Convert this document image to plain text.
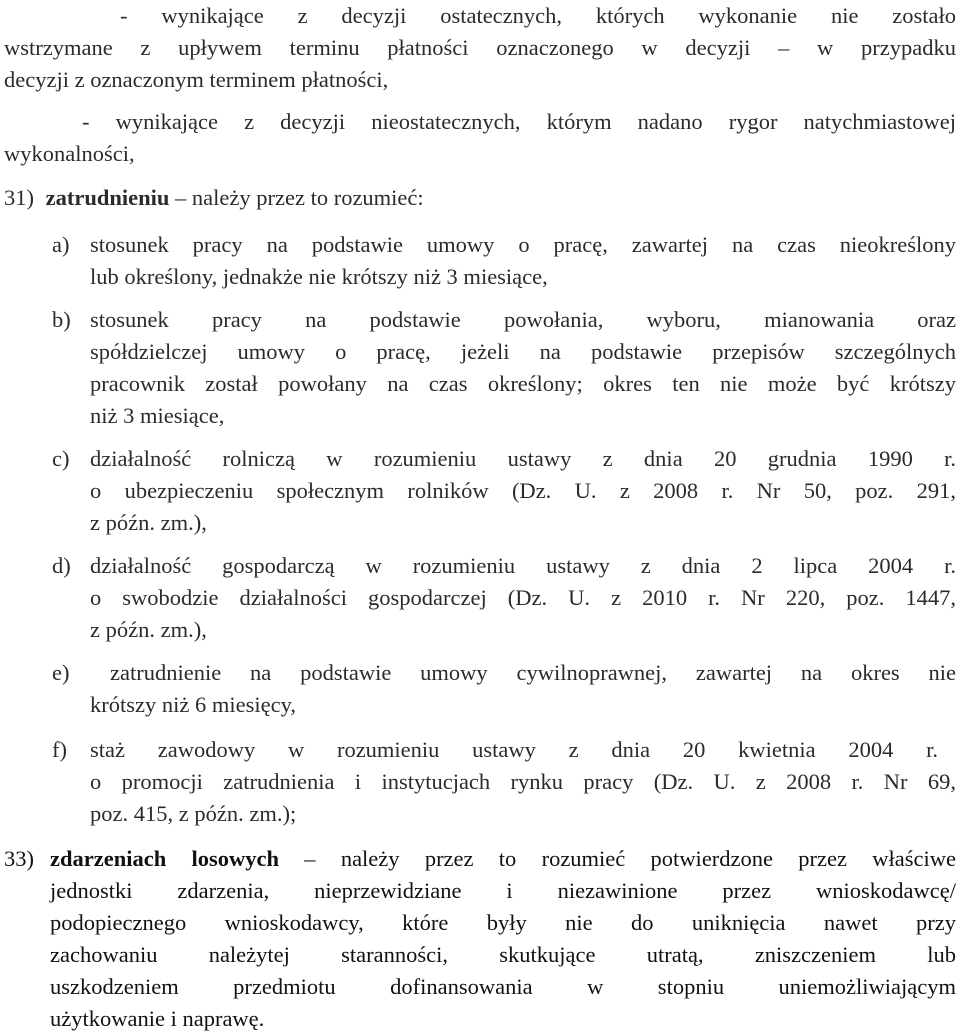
- wynikające z decyzji ostatecznych, których wykonanie nie zostało
wstrzymane z upływem terminu płatności oznaczonego w decyzji – w przypadku
decyzji z oznaczonym terminem płatności,
- wynikające z decyzji nieostatecznych, którym nadano rygor natychmiastowej
wykonalności,
31) zatrudnieniu – należy przez to rozumieć:
a) stosunek pracy na podstawie umowy o pracę, zawartej na czas nieokreślony
lub określony, jednakże nie krótszy niż 3 miesiące,
b) stosunek pracy na podstawie powołania, wyboru, mianowania oraz
spółdzielczej umowy o pracę, jeżeli na podstawie przepisów szczególnych
pracownik został powołany na czas określony; okres ten nie może być krótszy
niż 3 miesiące,
c) działalność rolniczą w rozumieniu ustawy z dnia 20 grudnia 1990 r.
o ubezpieczeniu społecznym rolników (Dz. U. z 2008 r. Nr 50, poz. 291,
z późn. zm.),
d) działalność gospodarczą w rozumieniu ustawy z dnia 2 lipca 2004 r.
o swobodzie działalności gospodarczej (Dz. U. z 2010 r. Nr 220, poz. 1447,
z późn. zm.),
e)	zatrudnienie na podstawie umowy cywilnoprawnej, zawartej na okres nie
krótszy niż 6 miesięcy,
f)	staż zawodowy w rozumieniu ustawy z dnia 20 kwietnia 2004 r.
o promocji zatrudnienia i instytucjach rynku pracy (Dz. U. z 2008 r. Nr 69,
poz. 415, z późn. zm.);
33) zdarzeniach losowych – należy przez to rozumieć potwierdzone przez właściwe
jednostki zdarzenia, nieprzewidziane i niezawinione przez wnioskodawcę/
podopiecznego wnioskodawcy, które były nie do uniknięcia nawet przy
zachowaniu należytej staranności, skutkujące utratą, zniszczeniem lub
uszkodzeniem przedmiotu dofinansowania w stopniu uniemożliwiającym
użytkowanie i naprawę.
